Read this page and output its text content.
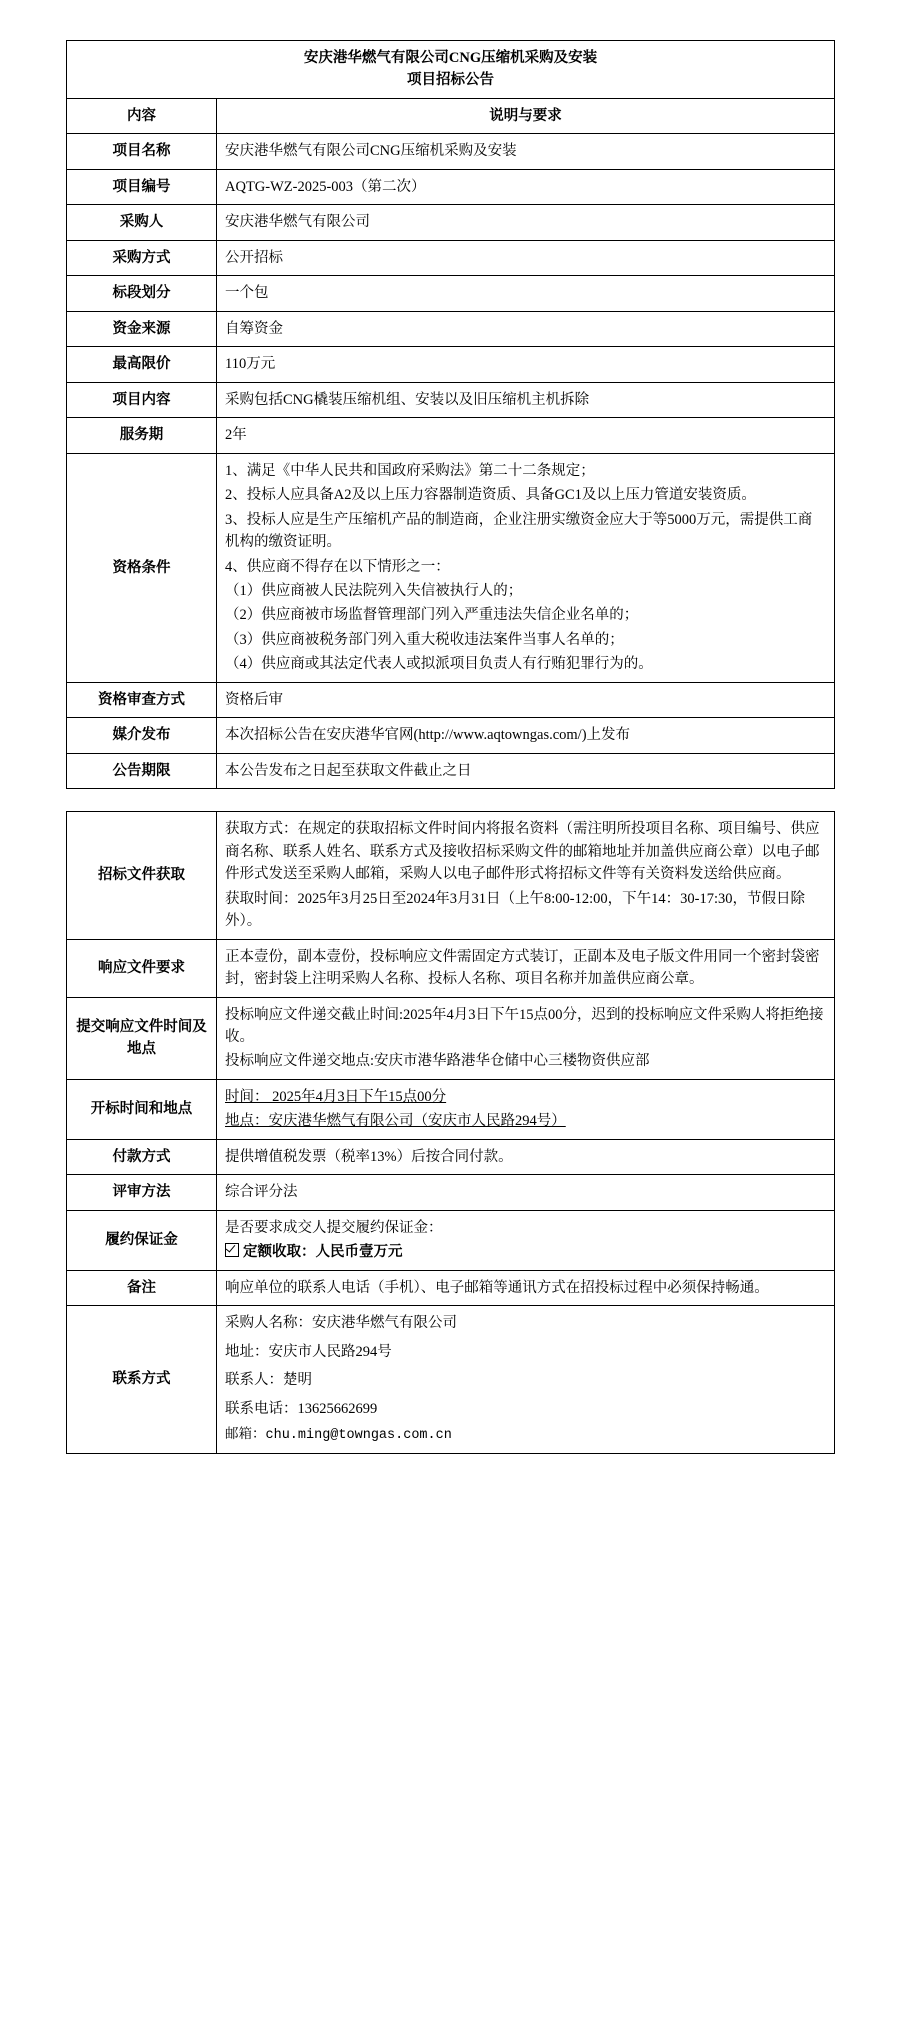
安庆港华燃气有限公司CNG压缩机采购及安装
项目招标公告	

内容	说明与要求
项目名称	安庆港华燃气有限公司CNG压缩机采购及安装
项目编号	AQTG-WZ-2025-003（第二次）
采购人	安庆港华燃气有限公司
采购方式	公开招标
标段划分	一个包
资金来源	自筹资金
最高限价	110万元
项目内容	采购包括CNG橇装压缩机组、安装以及旧压缩机主机拆除
服务期	2年
资格条件	

1、满足《中华人民共和国政府采购法》第二十二条规定；

2、投标人应具备A2及以上压力容器制造资质、具备GC1及以上压力管道安装资质。

3、投标人应是生产压缩机产品的制造商，企业注册实缴资金应大于等5000万元，需提供工商机构的缴资证明。

4、供应商不得存在以下情形之一：

（1）供应商被人民法院列入失信被执行人的；

（2）供应商被市场监督管理部门列入严重违法失信企业名单的；

（3）供应商被税务部门列入重大税收违法案件当事人名单的；

（4）供应商或其法定代表人或拟派项目负责人有行贿犯罪行为的。

资格审查方式	资格后审
媒介发布	本次招标公告在安庆港华官网(http://www.aqtowngas.com/)上发布
公告期限	本公告发布之日起至获取文件截止之日
招标文件获取	获取方式：在规定的获取招标文件时间内将报名资料（需注明所投项目名称、项目编号、供应商名称、联系人姓名、联系方式及接收招标采购文件的邮箱地址并加盖供应商公章）以电子邮件形式发送至采购人邮箱，采购人以电子邮件形式将招标文件等有关资料发送给供应商。

获取时间：2025年3月25日至2024年3月31日（上午8:00-12:00，下午14：30-17:30，节假日除外）。

响应文件要求	正本壹份，副本壹份，投标响应文件需固定方式装订，正副本及电子版文件用同一个密封袋密封，密封袋上注明采购人名称、投标人名称、项目名称并加盖供应商公章。
提交响应文件时间及地点	投标响应文件递交截止时间:2025年4月3日下午15点00分，迟到的投标响应文件采购人将拒绝接收。

投标响应文件递交地点:安庆市港华路港华仓储中心三楼物资供应部

开标时间和地点	时间： 2025年4月3日下午15点00分

地点：安庆港华燃气有限公司（安庆市人民路294号）

付款方式	提供增值税发票（税率13%）后按合同付款。
评审方法	综合评分法
履约保证金	是否要求成交人提交履约保证金：

定额收取：人民币壹万元

备注	响应单位的联系人电话（手机）、电子邮箱等通讯方式在招投标过程中必须保持畅通。
联系方式	采购人名称：安庆港华燃气有限公司

地址：安庆市人民路294号

联系人：楚明

联系电话：13625662699

邮箱：chu.ming@towngas.com.cn
